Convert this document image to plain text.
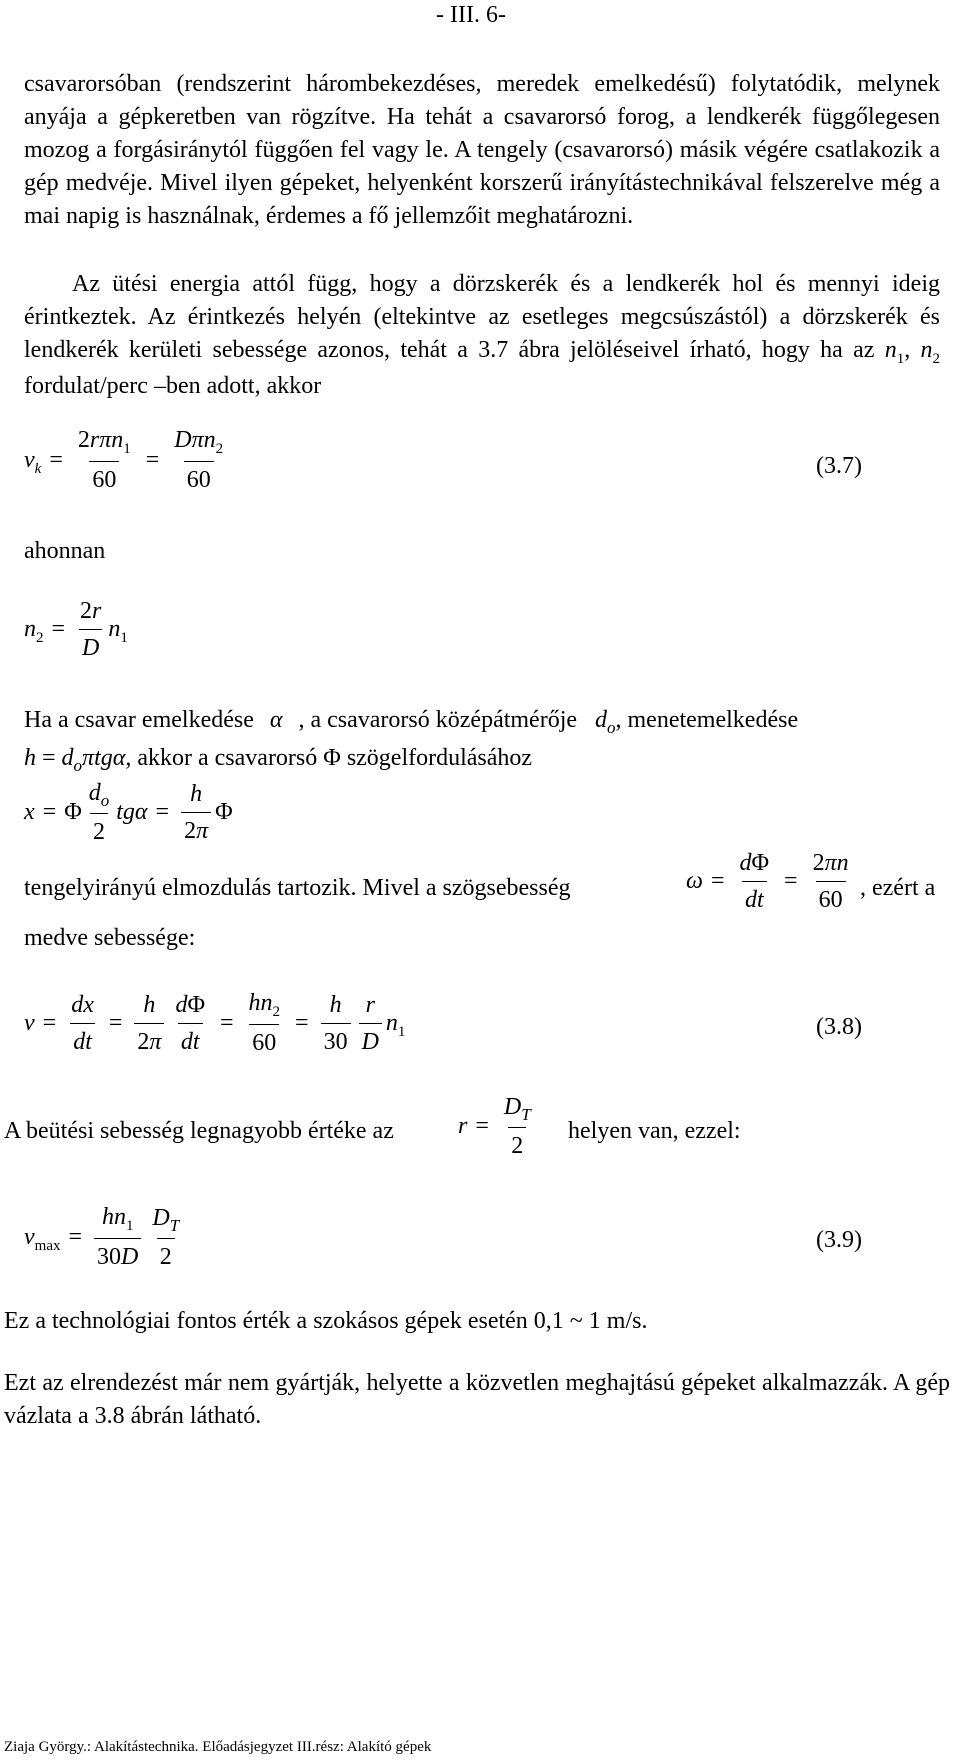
- III. 6-
csavarorsóban (rendszerint hárombekezdéses, meredek emelkedésű) folytatódik, melynek anyája a gépkeretben van rögzítve. Ha tehát a csavarorsó forog, a lendkerék függőlegesen mozog a forgásiránytól függően fel vagy le. A tengely (csavarorsó) másik végére csatlakozik a gép medvéje. Mivel ilyen gépeket, helyenként korszerű irányítástechnikával felszerelve még a mai napig is használnak, érdemes a fő jellemzőit meghatározni.
Az ütési energia attól függ, hogy a dörzskerék és a lendkerék hol és mennyi ideig érintkeztek. Az érintkezés helyén (eltekintve az esetleges megcsúszástól) a dörzskerék és lendkerék kerületi sebessége azonos, tehát a 3.7 ábra jelöléseivel írható, hogy ha az $n_1$, $n_2$ fordulat/perc –ben adott, akkor
$v_k = \frac{2r\pi n_1}{60} = \frac{D\pi n_2}{60}$	(3.7)
ahonnan
$n_2 = \frac{2r}{D} n_1$
Ha a csavar emelkedése α , a csavarorsó középátmérője $d_o$, menetemelkedése
$h = d_o\pi tg\alpha$, akkor a csavarorsó Φ szögelfordulásához
x = Φ $\frac{d_o}{2}$ $tg\alpha = \frac{h}{2\pi}$ Φ
tengelyirányú elmozdulás tartozik. Mivel a szögsebesség	$\omega = \frac{d\Phi}{dt} = \frac{2\pi n}{60}$ , ezért a
medve sebessége:
$v = \frac{dx}{dt} = \frac{h}{2\pi} \frac{d\Phi}{dt} = \frac{hn_2}{60} = \frac{h}{30} \frac{r}{D} n_1$	(3.8)
A beütési sebesség legnagyobb értéke az	$r = \frac{D_T}{2}$ helyen van, ezzel:
$v_{max} = \frac{hn_1}{30D} \frac{D_T}{2}$	(3.9)
Ez a technológiai fontos érték a szokásos gépek esetén 0,1 ~ 1 m/s.
Ezt az elrendezést már nem gyártják, helyette a közvetlen meghajtású gépeket alkalmazzák. A gép vázlata a 3.8 ábrán látható.
Ziaja György.: Alakítástechnika. Előadásjegyzet III.rész: Alakító gépek
